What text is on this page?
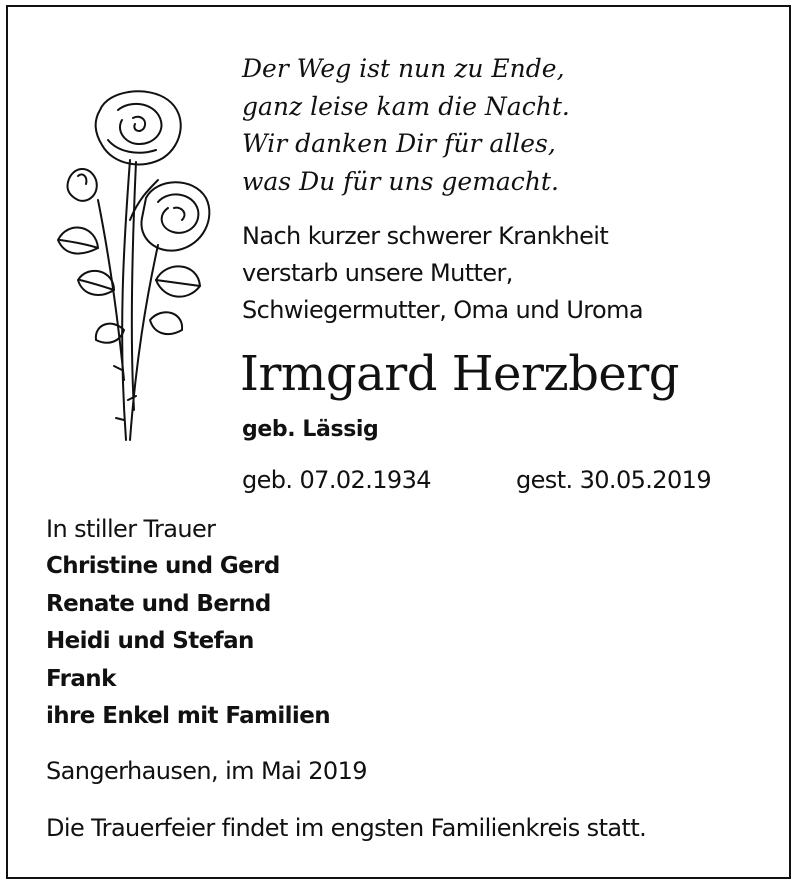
Der Weg ist nun zu Ende,
ganz leise kam die Nacht.
Wir danken Dir für alles,
was Du für uns gemacht.
Nach kurzer schwerer Krankheit
verstarb unsere Mutter,
Schwiegermutter, Oma und Uroma
Irmgard Herzberg
geb. Lässig
geb. 07.02.1934	gest. 30.05.2019
In stiller Trauer
Christine und Gerd
Renate und Bernd
Heidi und Stefan
Frank
ihre Enkel mit Familien
Sangerhausen, im Mai 2019
Die Trauerfeier findet im engsten Familienkreis statt.
